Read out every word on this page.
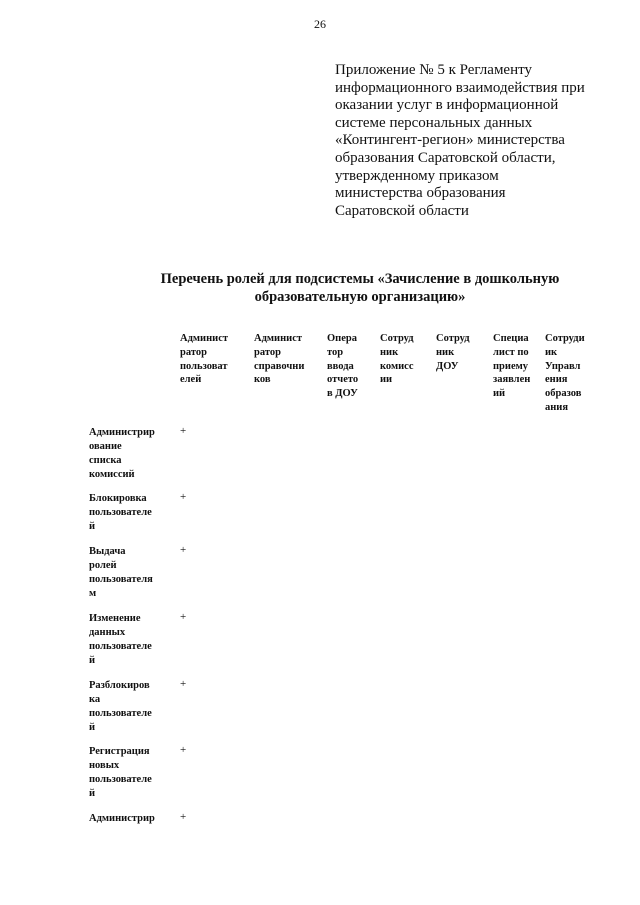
26
Приложение № 5 к Регламенту
информационного взаимодействия при
оказании услуг в информационной
системе персональных данных
«Контингент-регион» министерства
образования Саратовской области,
утвержденному приказом
министерства образования
Саратовской области
Перечень ролей для подсистемы «Зачисление в дошкольную
образовательную организацию»
Админист
ратор
пользоват
елей
Админист
ратор
справочни
ков
Опера
тор
ввода
отчето
в ДОУ
Сотруд
ник
комисс
ии
Сотруд
ник
ДОУ
Специа
лист по
приему
заявлен
ий
Сотруди
ик
Управл
ения
образов
ания
Администрир
ование
списка
комиссий
+
Блокировка
пользователе
й
+
Выдача
ролей
пользователя
м
+
Изменение
данных
пользователе
й
+
Разблокиров
ка
пользователе
й
+
Регистрация
новых
пользователе
й
+
Администрир +
